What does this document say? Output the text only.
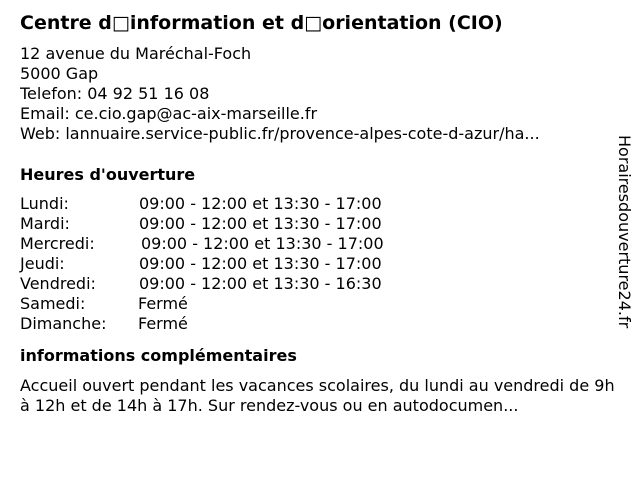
Centre d□information et d□orientation (CIO)
12 avenue du Maréchal-Foch
5000 Gap
Telefon: 04 92 51 16 08
Email: ce.cio.gap@ac-aix-marseille.fr
Web: lannuaire.service-public.fr/provence-alpes-cote-d-azur/ha...
Heures d'ouverture
Lundi:	09:00 - 12:00 et 13:30 - 17:00
Mardi:	09:00 - 12:00 et 13:30 - 17:00
Mercredi:	09:00 - 12:00 et 13:30 - 17:00
Jeudi:	09:00 - 12:00 et 13:30 - 17:00
Vendredi:	09:00 - 12:00 et 13:30 - 16:30
Samedi:	Fermé
Dimanche:	Fermé
informations complémentaires
Accueil ouvert pendant les vacances scolaires, du lundi au vendredi de 9h à 12h et de 14h à 17h. Sur rendez-vous ou en autodocumen...
Horairesdouverture24.fr
